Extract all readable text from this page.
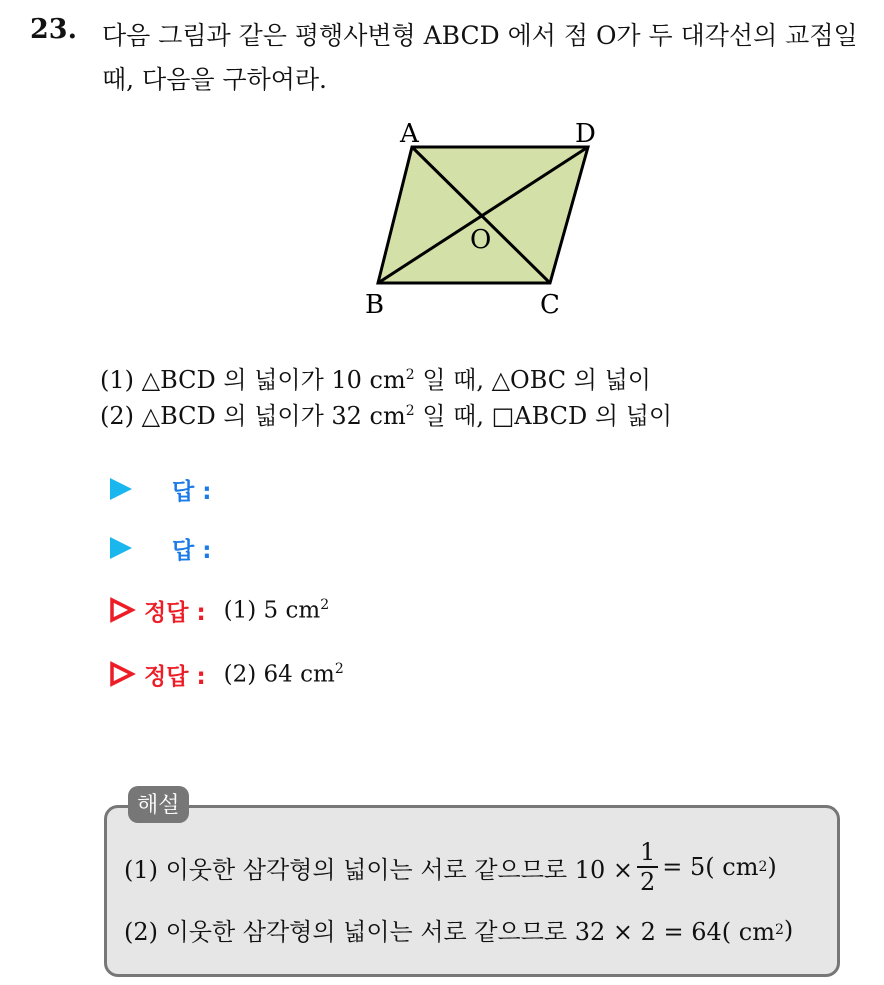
23. 다음 그림과 같은 평행사변형 ABCD 에서 점 O가 두 대각선의 교점일
때, 다음을 구하여라.
A	D
B	C
O
(1) △BCD 의 넓이가 10 $cm^2$ 일 때, △OBC 의 넓이
(2) △BCD 의 넓이가 32 $cm^2$ 일 때, □ABCD 의 넓이
답 :
답 :
정답 : (1) 5 $cm^2$
정답 : (2) 64 $cm^2$
해설
(1) 이웃한 삼각형의 넓이는 서로 같으므로 $10 \times \frac{1}{2} = 5$( cm 2 )
(2) 이웃한 삼각형의 넓이는 서로 같으므로 32 × 2 = 64( cm 2 )
